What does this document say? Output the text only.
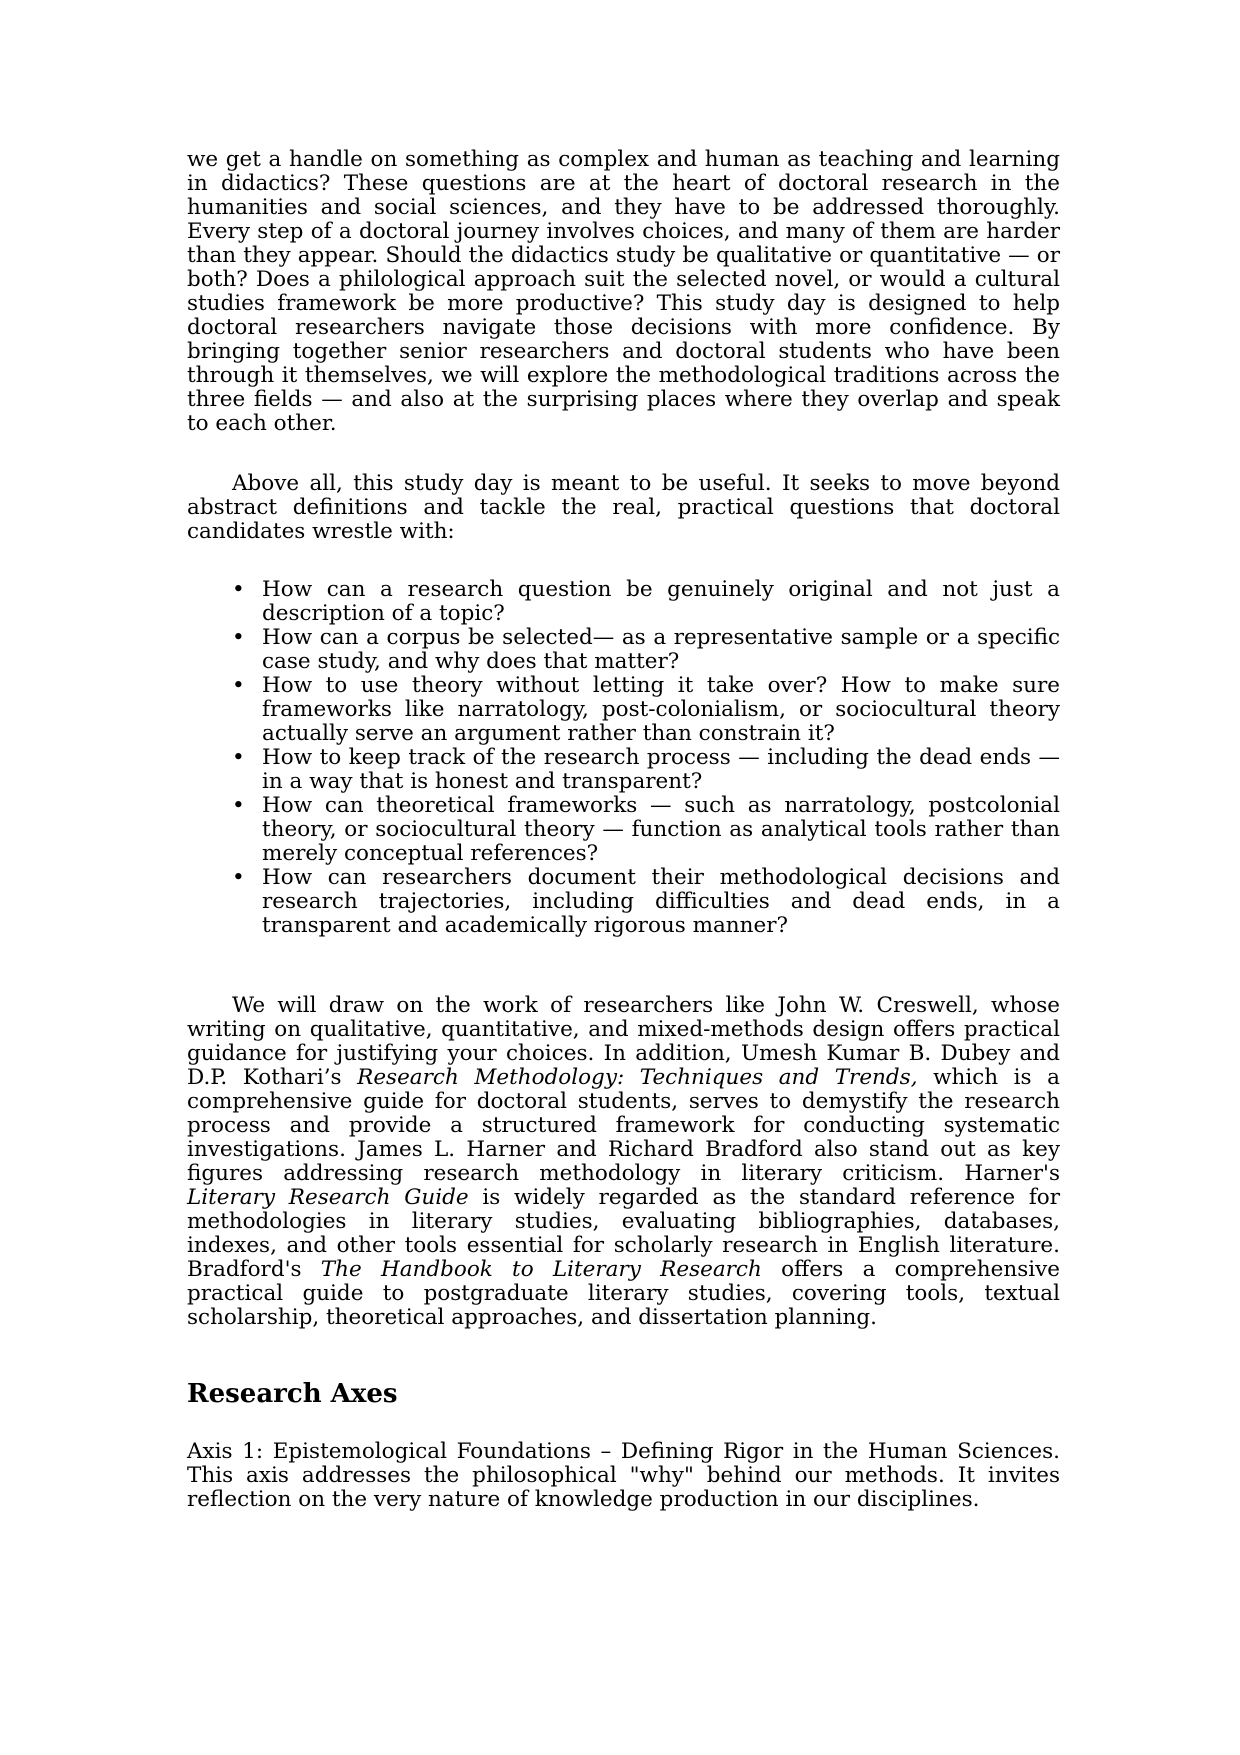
we get a handle on something as complex and human as teaching and learning in didactics? These questions are at the heart of doctoral research in the humanities and social sciences, and they have to be addressed thoroughly. Every step of a doctoral journey involves choices, and many of them are harder than they appear. Should the didactics study be qualitative or quantitative — or both? Does a philological approach suit the selected novel, or would a cultural studies framework be more productive? This study day is designed to help doctoral researchers navigate those decisions with more confidence. By bringing together senior researchers and doctoral students who have been through it themselves, we will explore the methodological traditions across the three fields — and also at the surprising places where they overlap and speak to each other.

Above all, this study day is meant to be useful. It seeks to move beyond abstract definitions and tackle the real, practical questions that doctoral candidates wrestle with:

• How can a research question be genuinely original and not just a description of a topic?
• How can a corpus be selected— as a representative sample or a specific case study, and why does that matter?
• How to use theory without letting it take over? How to make sure frameworks like narratology, post-colonialism, or sociocultural theory actually serve an argument rather than constrain it?
• How to keep track of the research process — including the dead ends — in a way that is honest and transparent?
• How can theoretical frameworks — such as narratology, postcolonial theory, or sociocultural theory — function as analytical tools rather than merely conceptual references?
• How can researchers document their methodological decisions and research trajectories, including difficulties and dead ends, in a transparent and academically rigorous manner?

We will draw on the work of researchers like John W. Creswell, whose writing on qualitative, quantitative, and mixed-methods design offers practical guidance for justifying your choices. In addition, Umesh Kumar B. Dubey and D.P. Kothari’s Research Methodology: Techniques and Trends, which is a comprehensive guide for doctoral students, serves to demystify the research process and provide a structured framework for conducting systematic investigations. James L. Harner and Richard Bradford also stand out as key figures addressing research methodology in literary criticism. Harner's Literary Research Guide is widely regarded as the standard reference for methodologies in literary studies, evaluating bibliographies, databases, indexes, and other tools essential for scholarly research in English literature. Bradford's The Handbook to Literary Research offers a comprehensive practical guide to postgraduate literary studies, covering tools, textual scholarship, theoretical approaches, and dissertation planning.

Research Axes

Axis 1: Epistemological Foundations – Defining Rigor in the Human Sciences. This axis addresses the philosophical "why" behind our methods. It invites reflection on the very nature of knowledge production in our disciplines.
